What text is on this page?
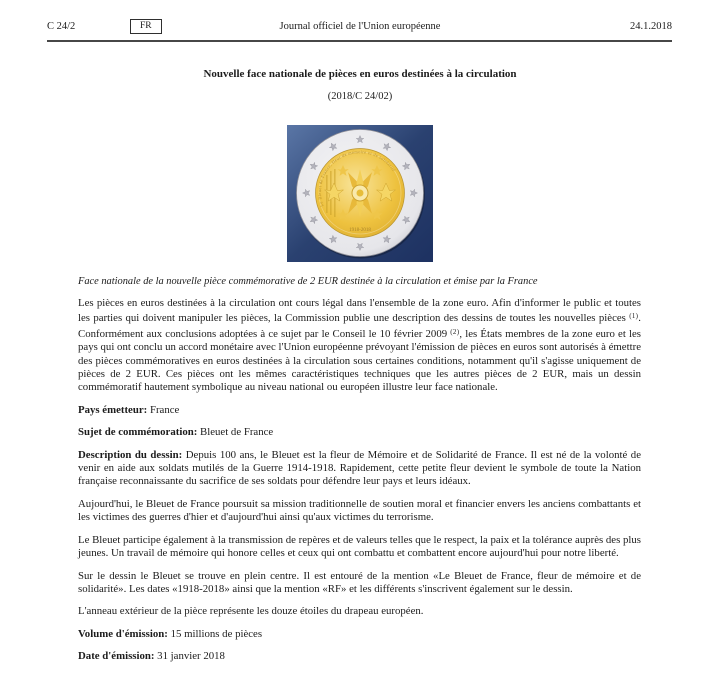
C 24/2	FR	Journal officiel de l'Union européenne	24.1.2018
Nouvelle face nationale de pièces en euros destinées à la circulation
(2018/C 24/02)
Le Bleuet de France, fleur de mémoire et de solidarité
1918-2018
Face nationale de la nouvelle pièce commémorative de 2 EUR destinée à la circulation et émise par la France

Les pièces en euros destinées à la circulation ont cours légal dans l'ensemble de la zone euro. Afin d'informer le public et toutes les parties qui doivent manipuler les pièces, la Commission publie une description des dessins de toutes les nouvelles pièces $^{(1)}$. Conformément aux conclusions adoptées à ce sujet par le Conseil le 10 février 2009 $^{(2)}$, les États membres de la zone euro et les pays qui ont conclu un accord monétaire avec l'Union européenne prévoyant l'émission de pièces en euros sont autorisés à émettre des pièces commémoratives en euros destinées à la circulation sous certaines conditions, notamment qu'il s'agisse uniquement de pièces de 2 EUR. Ces pièces ont les mêmes caractéristiques techniques que les autres pièces de 2 EUR, mais un dessin commémoratif hautement symbolique au niveau national ou européen illustre leur face nationale.

Pays émetteur: France

Sujet de commémoration: Bleuet de France

Description du dessin: Depuis 100 ans, le Bleuet est la fleur de Mémoire et de Solidarité de France. Il est né de la volonté de venir en aide aux soldats mutilés de la Guerre 1914-1918. Rapidement, cette petite fleur devient le symbole de toute la Nation française reconnaissante du sacrifice de ses soldats pour défendre leur pays et leurs idéaux.

Aujourd'hui, le Bleuet de France poursuit sa mission traditionnelle de soutien moral et financier envers les anciens combattants et les victimes des guerres d'hier et d'aujourd'hui ainsi qu'aux victimes du terrorisme.

Le Bleuet participe également à la transmission de repères et de valeurs telles que le respect, la paix et la tolérance auprès des plus jeunes. Un travail de mémoire qui honore celles et ceux qui ont combattu et combattent encore aujourd'hui pour notre liberté.

Sur le dessin le Bleuet se trouve en plein centre. Il est entouré de la mention «Le Bleuet de France, fleur de mémoire et de solidarité». Les dates «1918-2018» ainsi que la mention «RF» et les différents s'inscrivent également sur le dessin.

L'anneau extérieur de la pièce représente les douze étoiles du drapeau européen.

Volume d'émission: 15 millions de pièces

Date d'émission: 31 janvier 2018
